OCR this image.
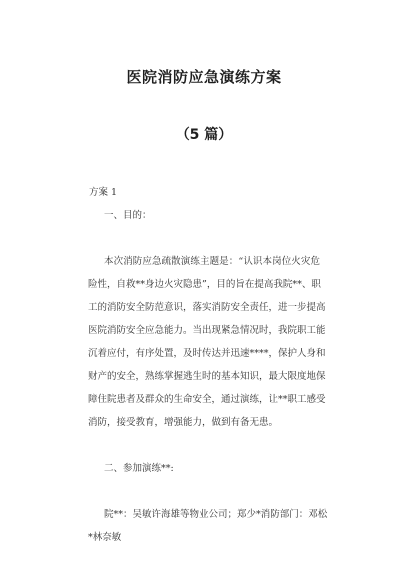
医院消防应急演练方案
（5 篇）
方案 1
一、目的：
本次消防应急疏散演练主题是：“认识本岗位火灾危
险性，自救**身边火灾隐患”，目的旨在提高我院**、职
工的消防安全防范意识，落实消防安全责任，进一步提高
医院消防安全应急能力。当出现紧急情况时，我院职工能
沉着应付，有序处置，及时传达并迅速****，保护人身和
财产的安全，熟练掌握逃生时的基本知识，最大限度地保
障住院患者及群众的生命安全，通过演练，让**职工感受
消防，接受教育，增强能力，做到有备无患。
二、参加演练**:
院**：吴敏许海雄等物业公司；郑少*消防部门：邓松
*林奈敏
